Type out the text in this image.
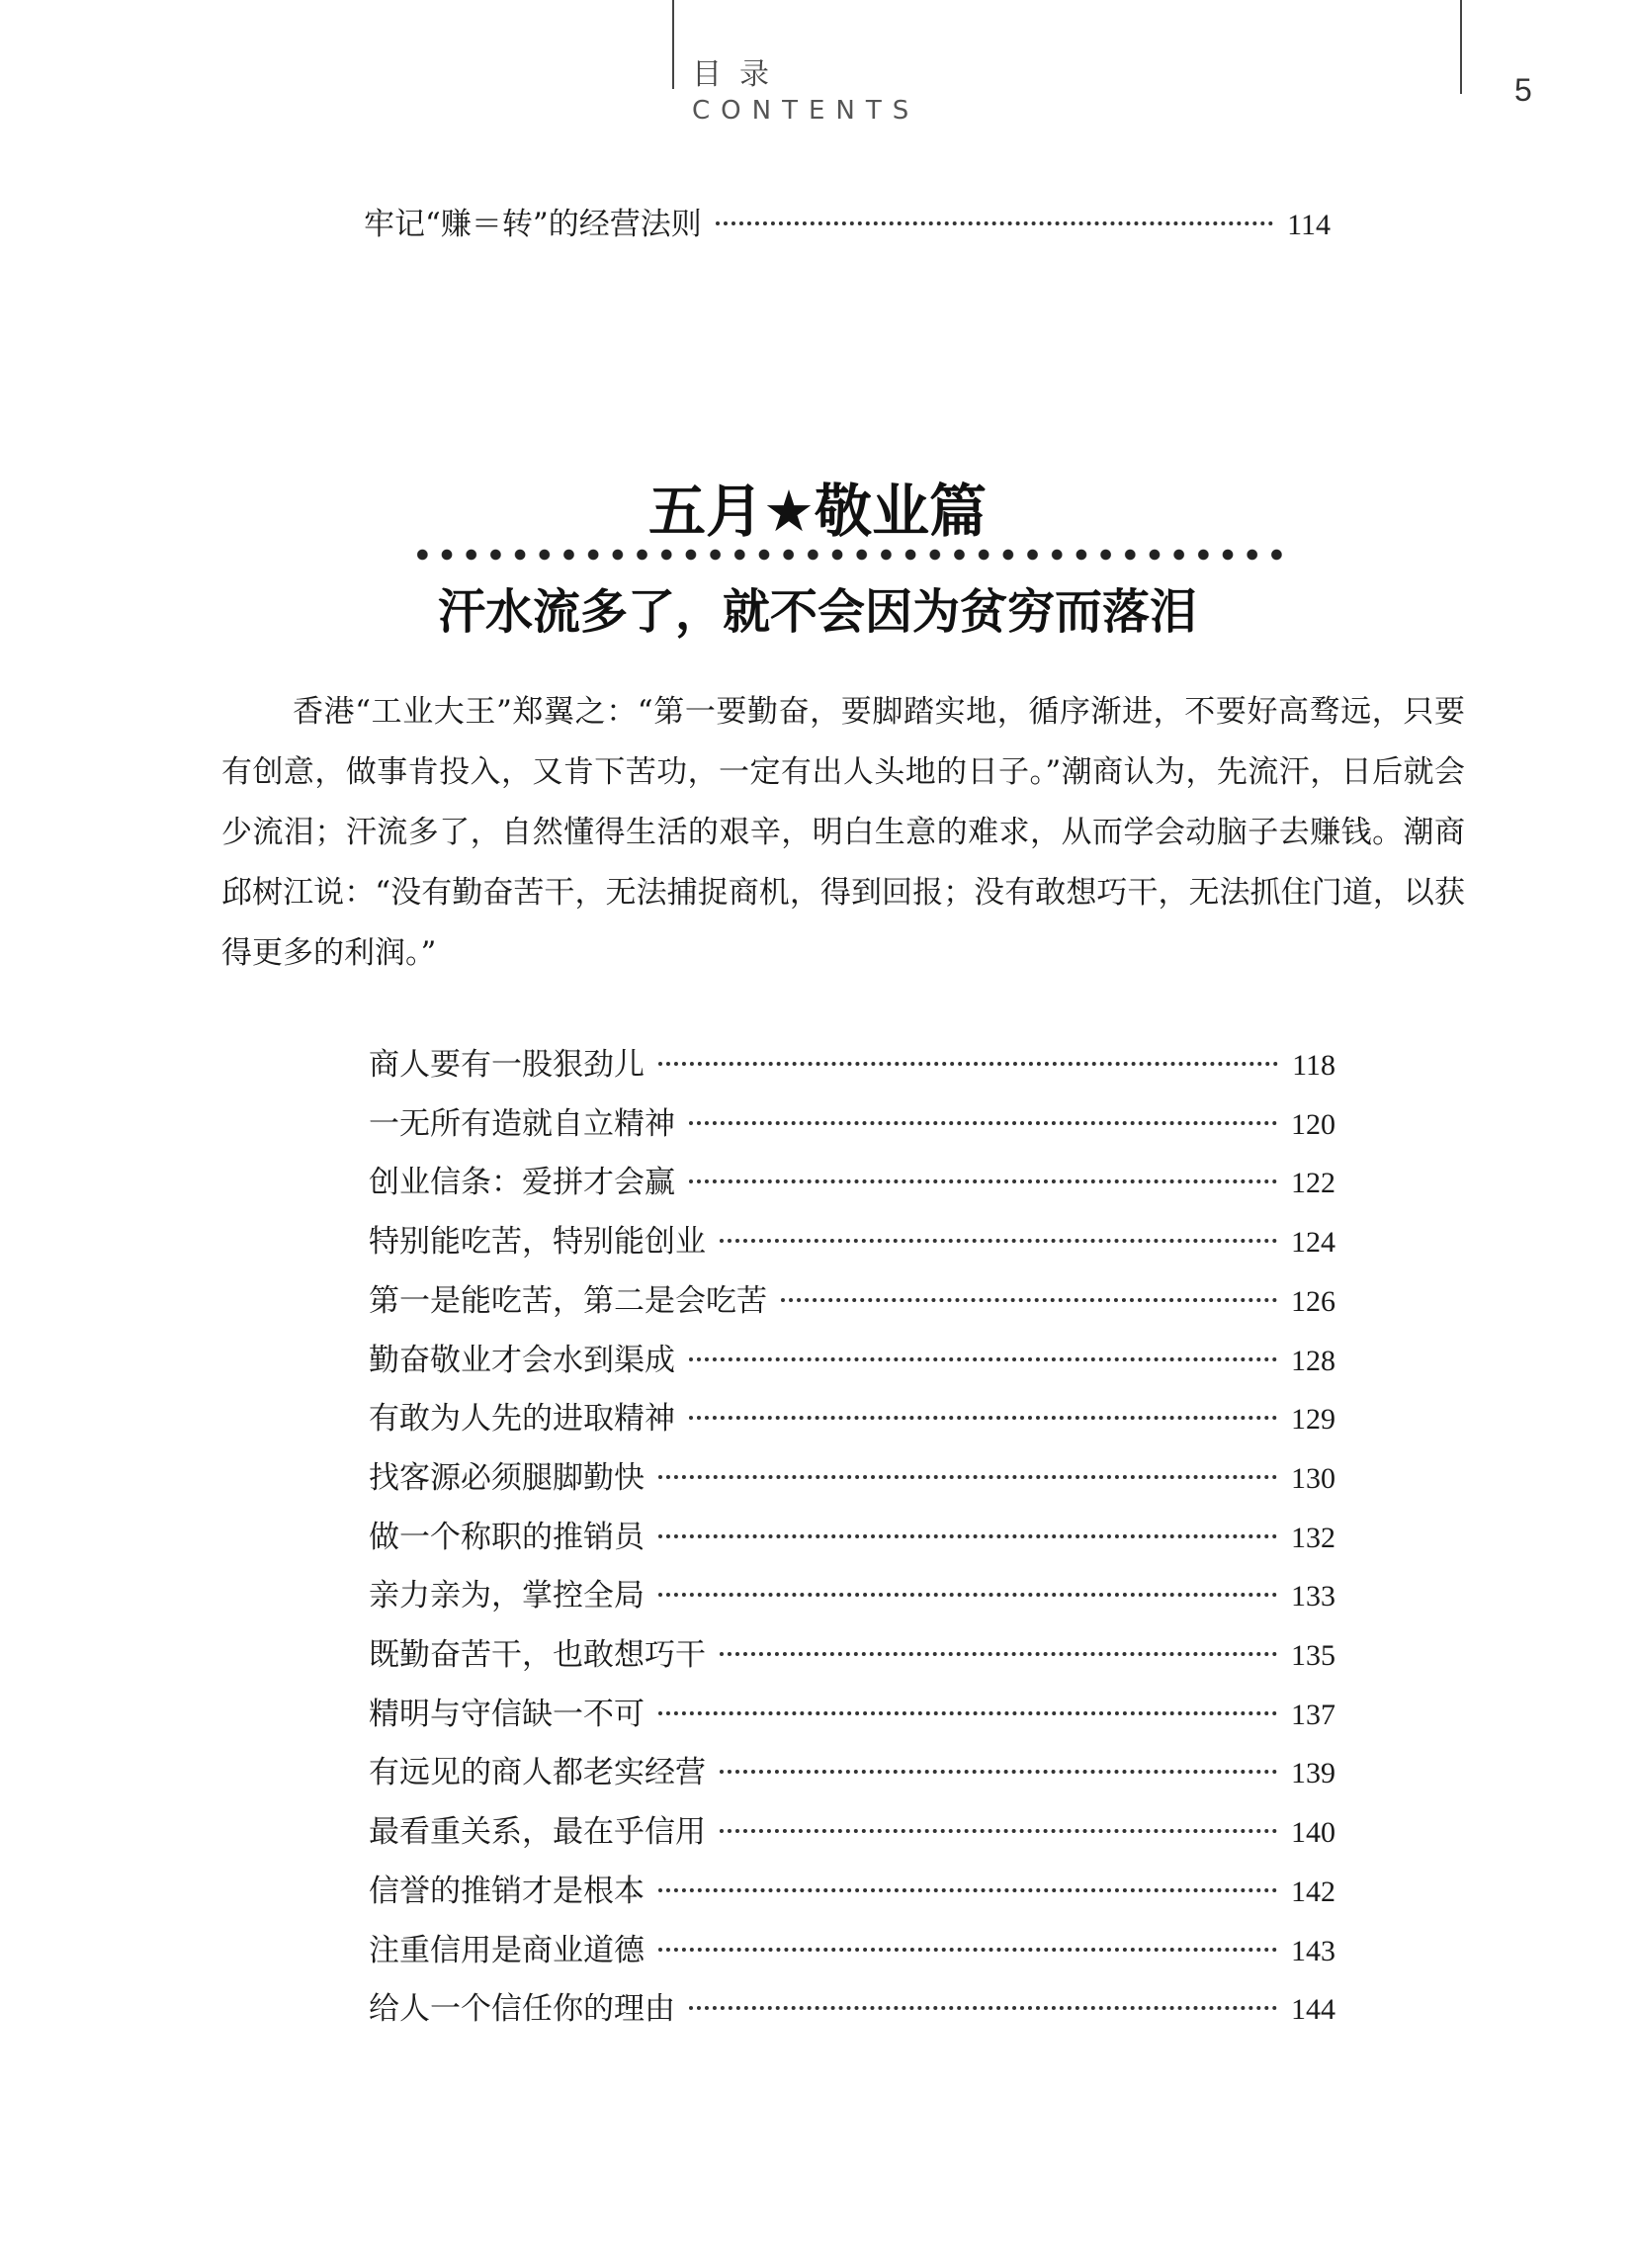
目录
CONTENTS
5
牢记“赚＝转”的经营法则	114
五月★敬业篇
汗水流多了，就不会因为贫穷而落泪
香港“工业大王”郑翼之：“第一要勤奋，要脚踏实地，循序渐进，不要好高骛远，只要有创意，做事肯投入，又肯下苦功，一定有出人头地的日子。”潮商认为，先流汗，日后就会少流泪；汗流多了，自然懂得生活的艰辛，明白生意的难求，从而学会动脑子去赚钱。潮商邱树江说：“没有勤奋苦干，无法捕捉商机，得到回报；没有敢想巧干，无法抓住门道，以获得更多的利润。”
商人要有一股狠劲儿	118
一无所有造就自立精神	120
创业信条：爱拼才会赢	122
特别能吃苦，特别能创业	124
第一是能吃苦，第二是会吃苦	126
勤奋敬业才会水到渠成	128
有敢为人先的进取精神	129
找客源必须腿脚勤快	130
做一个称职的推销员	132
亲力亲为，掌控全局	133
既勤奋苦干，也敢想巧干	135
精明与守信缺一不可	137
有远见的商人都老实经营	139
最看重关系，最在乎信用	140
信誉的推销才是根本	142
注重信用是商业道德	143
给人一个信任你的理由	144
